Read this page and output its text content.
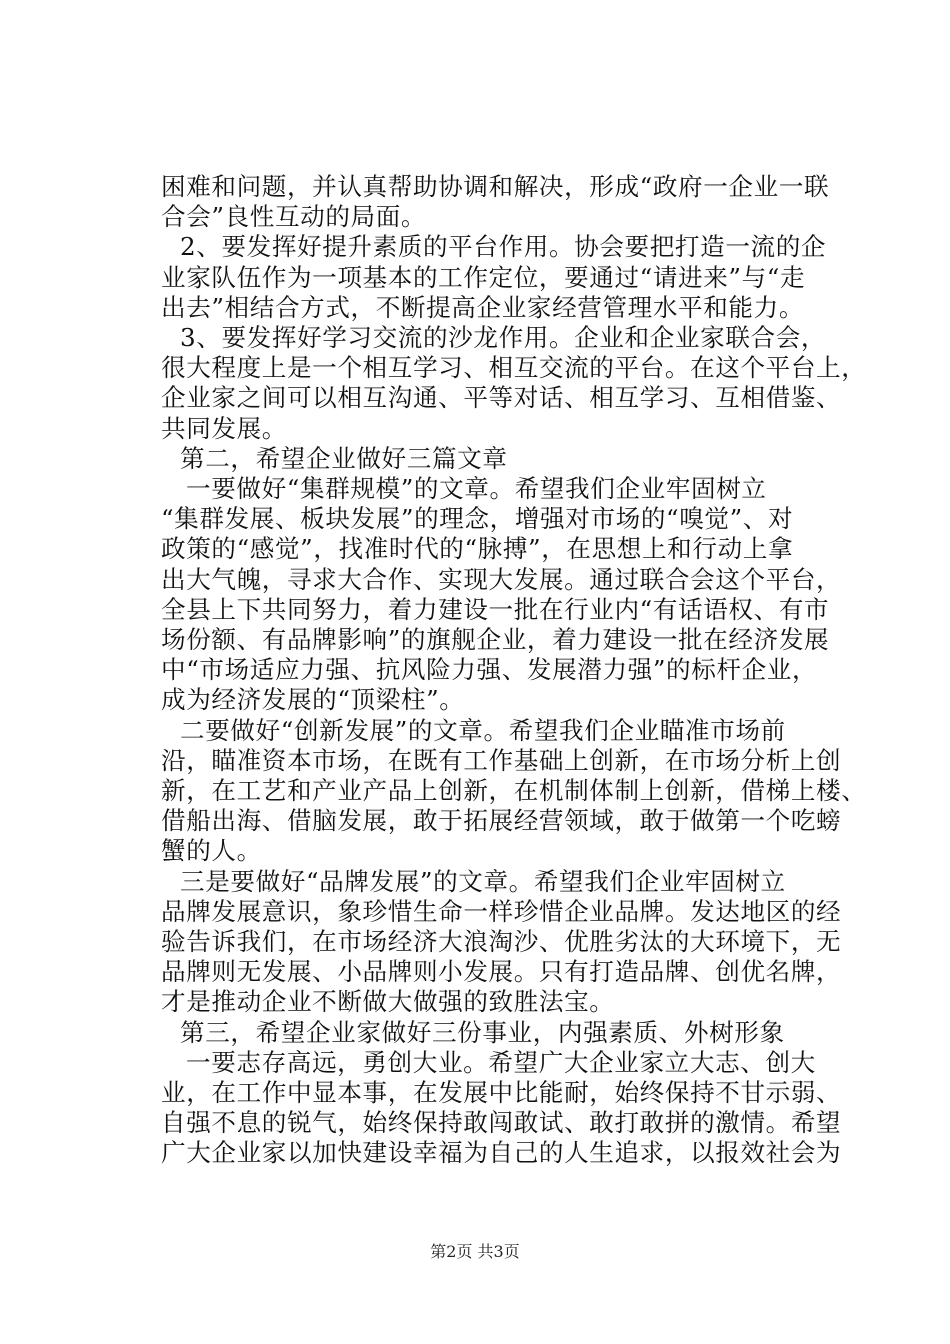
困难和问题，并认真帮助协调和解决，形成“政府一企业一联
合会”良性互动的局面。
2、要发挥好提升素质的平台作用。协会要把打造一流的企
业家队伍作为一项基本的工作定位，要通过“请进来”与“走
出去”相结合方式，不断提高企业家经营管理水平和能力。
3、要发挥好学习交流的沙龙作用。企业和企业家联合会，
很大程度上是一个相互学习、相互交流的平台。在这个平台上，
企业家之间可以相互沟通、平等对话、相互学习、互相借鉴、
共同发展。
第二，希望企业做好三篇文章
一要做好“集群规模”的文章。希望我们企业牢固树立
“集群发展、板块发展”的理念，增强对市场的“嗅觉”、对
政策的“感觉”，找准时代的“脉搏”，在思想上和行动上拿
出大气魄，寻求大合作、实现大发展。通过联合会这个平台，
全县上下共同努力，着力建设一批在行业内“有话语权、有市
场份额、有品牌影响”的旗舰企业，着力建设一批在经济发展
中“市场适应力强、抗风险力强、发展潜力强”的标杆企业，
成为经济发展的“顶梁柱”。
二要做好“创新发展”的文章。希望我们企业瞄准市场前
沿，瞄准资本市场，在既有工作基础上创新，在市场分析上创
新，在工艺和产业产品上创新，在机制体制上创新，借梯上楼、
借船出海、借脑发展，敢于拓展经营领域，敢于做第一个吃螃
蟹的人。
三是要做好“品牌发展”的文章。希望我们企业牢固树立
品牌发展意识，象珍惜生命一样珍惜企业品牌。发达地区的经
验告诉我们，在市场经济大浪淘沙、优胜劣汰的大环境下，无
品牌则无发展、小品牌则小发展。只有打造品牌、创优名牌，
才是推动企业不断做大做强的致胜法宝。
第三，希望企业家做好三份事业，内强素质、外树形象
一要志存高远，勇创大业。希望广大企业家立大志、创大
业，在工作中显本事，在发展中比能耐，始终保持不甘示弱、
自强不息的锐气，始终保持敢闯敢试、敢打敢拼的激情。希望
广大企业家以加快建设幸福为自己的人生追求，以报效社会为
第2页 共3页
